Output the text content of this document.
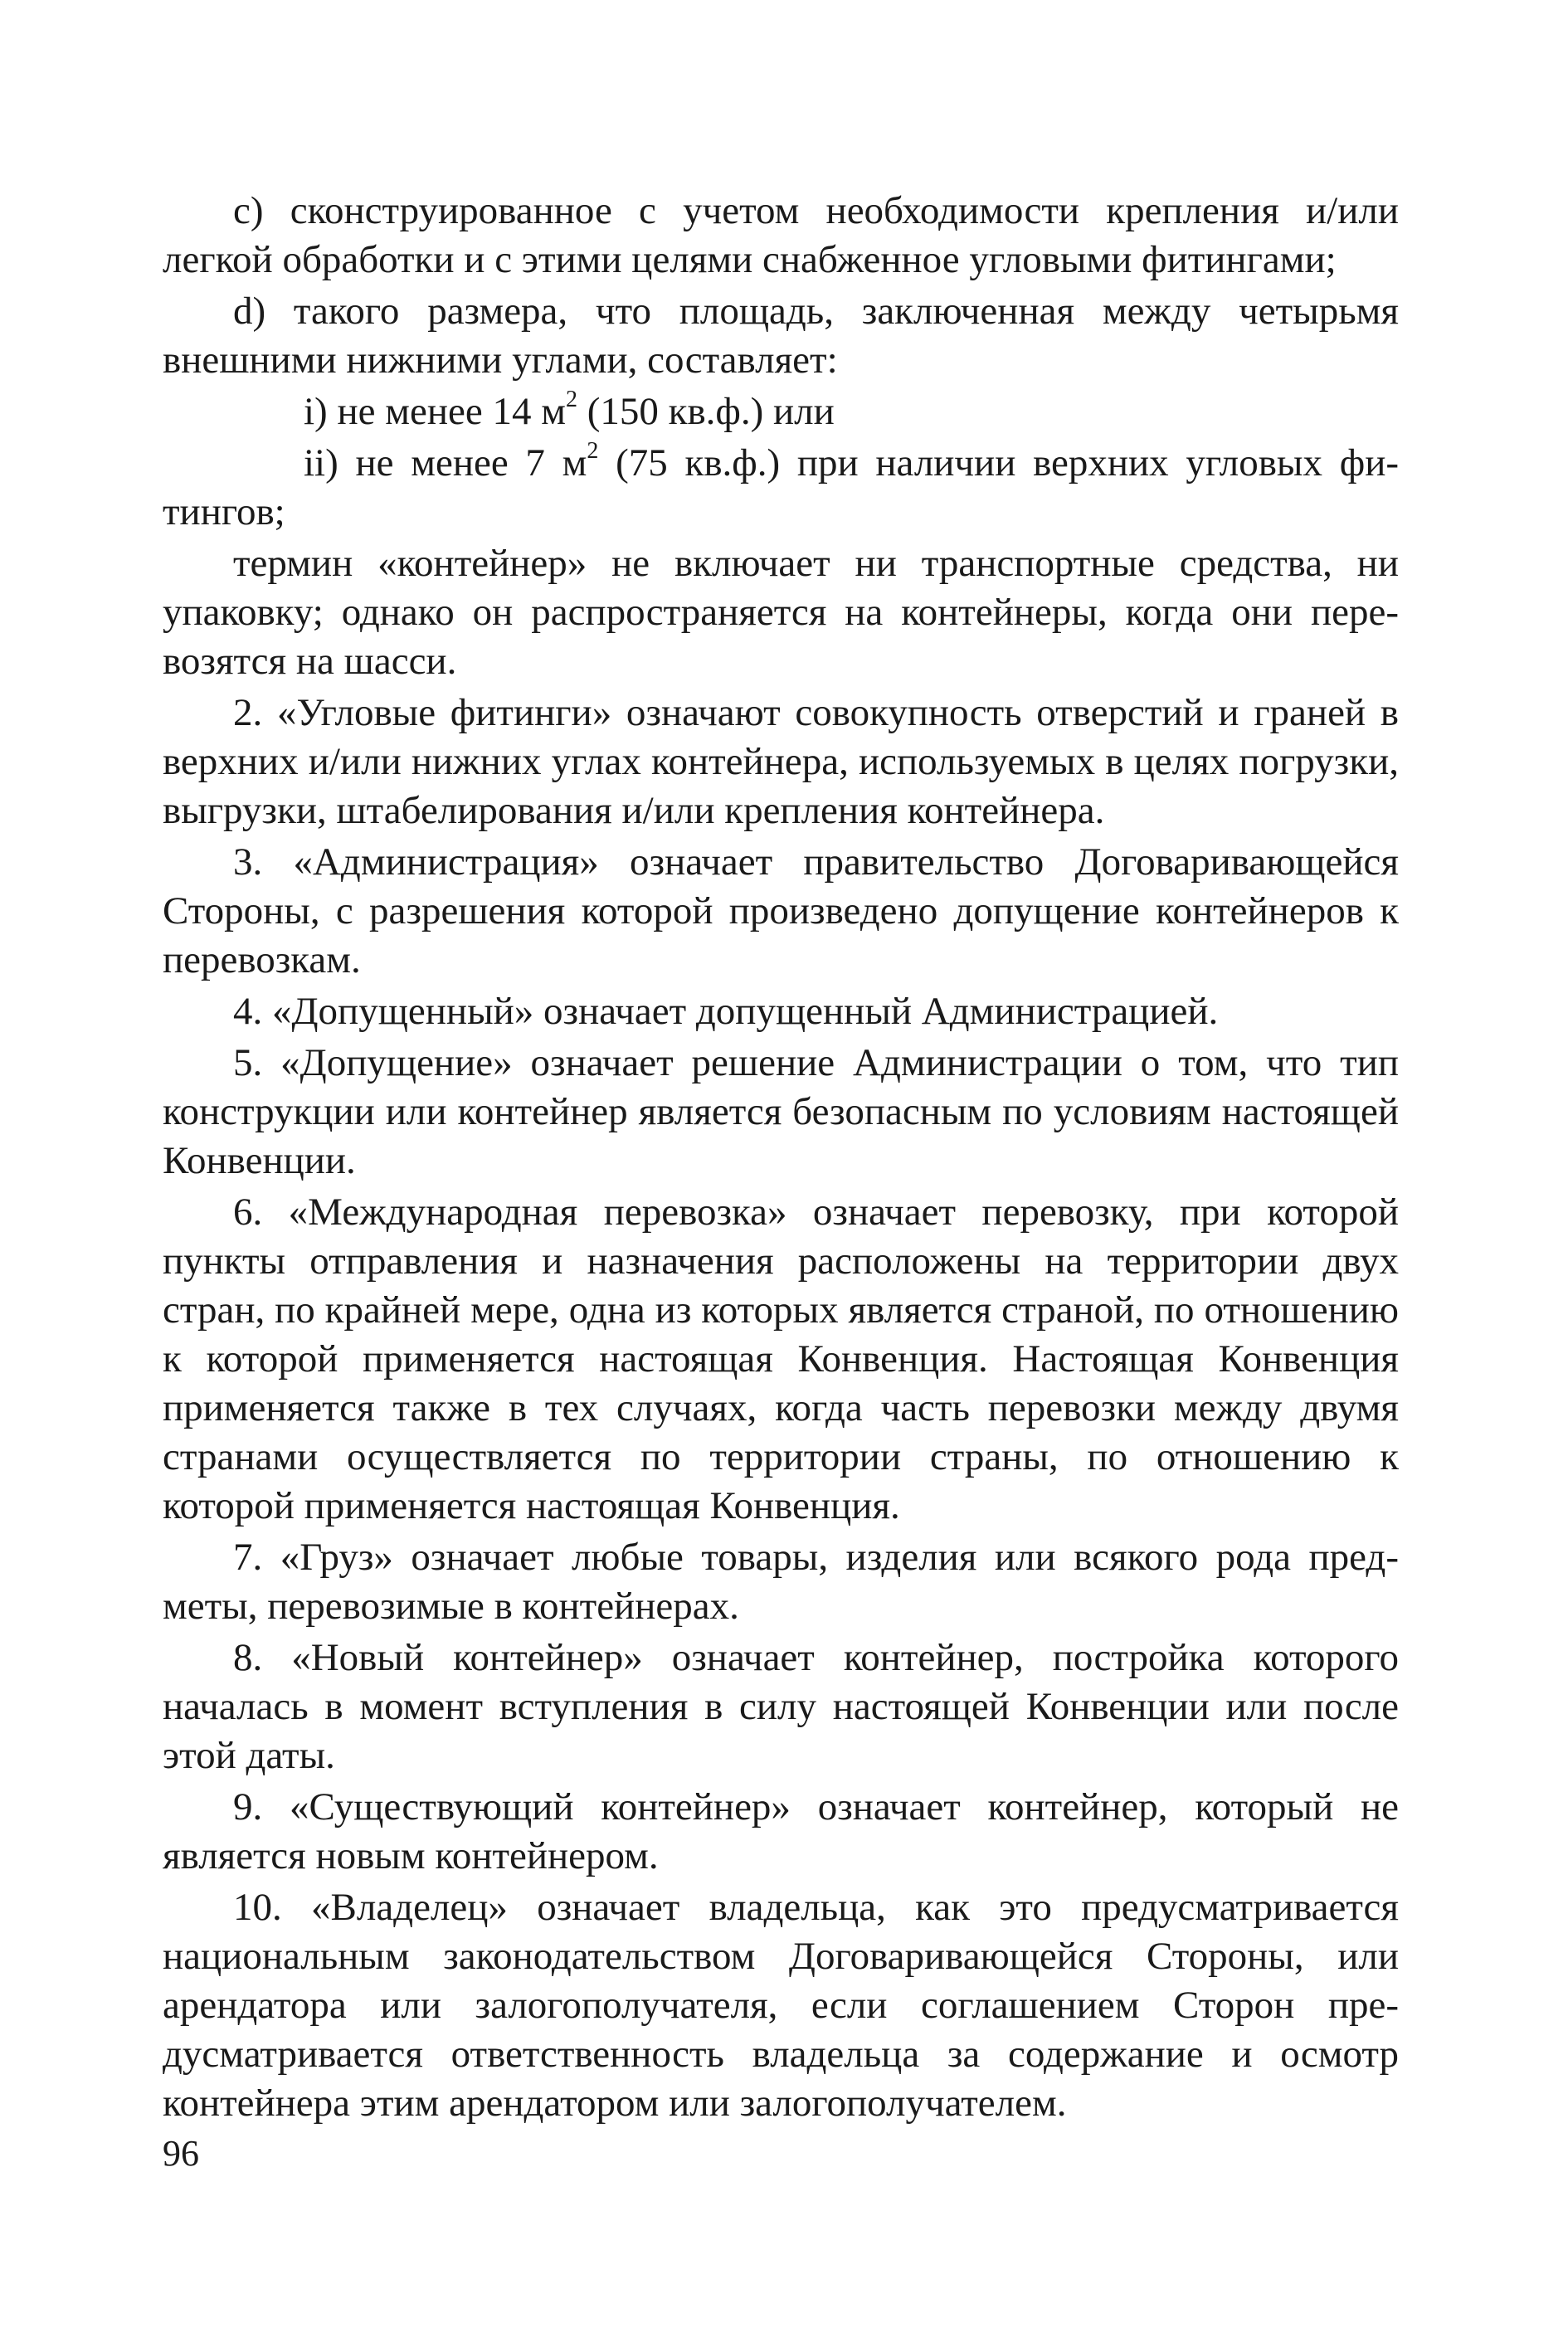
c) сконструированное с учетом необходимости крепления и/или легкой обработки и с этими целями снабженное угловыми фитингами;

d) такого размера, что площадь, заключенная между четырьмя внешними нижними углами, составляет:

i) не менее 14 $м^2$ (150 кв.ф.) или

ii) не менее 7 $м^2$ (75 кв.ф.) при наличии верхних угловых фитингов;

термин «контейнер» не включает ни транспортные средства, ни упаковку; однако он распространяется на контейнеры, когда они перевозятся на шасси.

2. «Угловые фитинги» означают совокупность отверстий и граней в верхних и/или нижних углах контейнера, используемых в целях погрузки, выгрузки, штабелирования и/или крепления контейнера.

3. «Администрация» означает правительство Договаривающейся Стороны, с разрешения которой произведено допущение контейнеров к перевозкам.

4. «Допущенный» означает допущенный Администрацией.

5. «Допущение» означает решение Администрации о том, что тип конструкции или контейнер является безопасным по условиям настоящей Конвенции.

6. «Международная перевозка» означает перевозку, при которой пункты отправления и назначения расположены на территории двух стран, по крайней мере, одна из которых является страной, по отношению к которой применяется настоящая Конвенция. Настоящая Конвенция применяется также в тех случаях, когда часть перевозки между двумя странами осуществляется по территории страны, по отношению к которой применяется настоящая Конвенция.

7. «Груз» означает любые товары, изделия или всякого рода предметы, перевозимые в контейнерах.

8. «Новый контейнер» означает контейнер, постройка которого началась в момент вступления в силу настоящей Конвенции или после этой даты.

9. «Существующий контейнер» означает контейнер, который не является новым контейнером.

10. «Владелец» означает владельца, как это предусматривается национальным законодательством Договаривающейся Стороны, или арендатора или залогополучателя, если соглашением Сторон предусматривается ответственность владельца за содержание и осмотр контейнера этим арендатором или залогополучателем.

96
